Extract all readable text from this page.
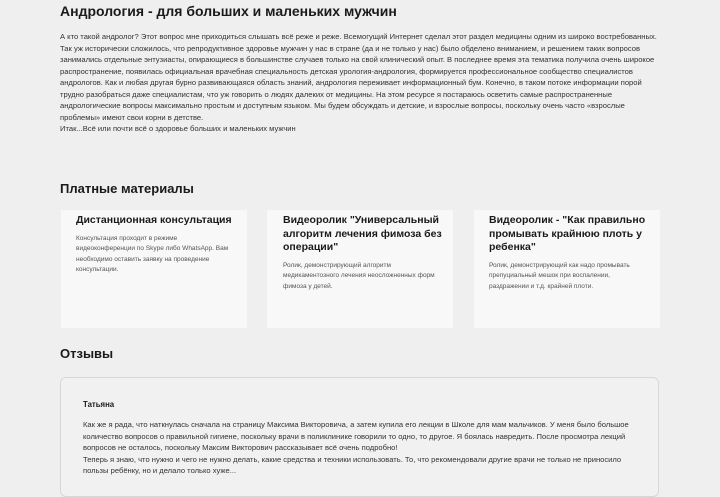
Андрология - для больших и маленьких мужчин

А кто такой андролог? Этот вопрос мне приходиться слышать всё реже и реже. Всемогущий Интернет сделал этот раздел медицины одним из широко востребованных. Так уж исторически сложилось, что репродуктивное здоровье мужчин у нас в стране (да и не только у нас) было обделено вниманием, и решением таких вопросов занимались отдельные энтузиасты, опирающиеся в большинстве случаев только на свой клинический опыт. В последнее время эта тематика получила очень широкое распространение, появилась официальная врачебная специальность детская урология-андрология, формируется профессиональное сообщество специалистов андрологов. Как и любая другая бурно развивающаяся область знаний, андрология переживает информационный бум. Конечно, в таком потоке информации порой трудно разобраться даже специалистам, что уж говорить о людях далеких от медицины. На этом ресурсе я постараюсь осветить самые распространенные андрологические вопросы максимально простым и доступным языком. Мы будем обсуждать и детские, и взрослые вопросы, поскольку очень часто «взрослые проблемы» имеют свои корни в детстве.

Итак...Всё или почти всё о здоровье больших и маленьких мужчин

Платные материалы

Дистанционная консультация

Консультация проходит в режиме видеоконференции по Skype либо WhatsApp. Вам необходимо оставить заявку на проведение консультации.

Видеоролик "Универсальный алгоритм лечения фимоза без операции"

Ролик, демонстрирующий алгоритм медикаментозного лечения неосложненных форм фимоза у детей.

Видеоролик - "Как правильно промывать крайнюю плоть у ребенка"

Ролик, демонстрирующий как надо промывать препуциальный мешок при воспалении, раздражении и т.д. крайней плоти.

Отзывы

Татьяна

Как же я рада, что наткнулась сначала на страницу Максима Викторовича, а затем купила его лекции в Школе для мам мальчиков. У меня было большое количество вопросов о правильной гигиене, поскольку врачи в поликлинике говорили то одно, то другое. Я боялась навредить. После просмотра лекций вопросов не осталось, поскольку Максим Викторович рассказывает всё очень подробно!

Теперь я знаю, что нужно и чего не нужно делать, какие средства и техники использовать. То, что рекомендовали другие врачи не только не приносило пользы ребёнку, но и делало только хуже...
